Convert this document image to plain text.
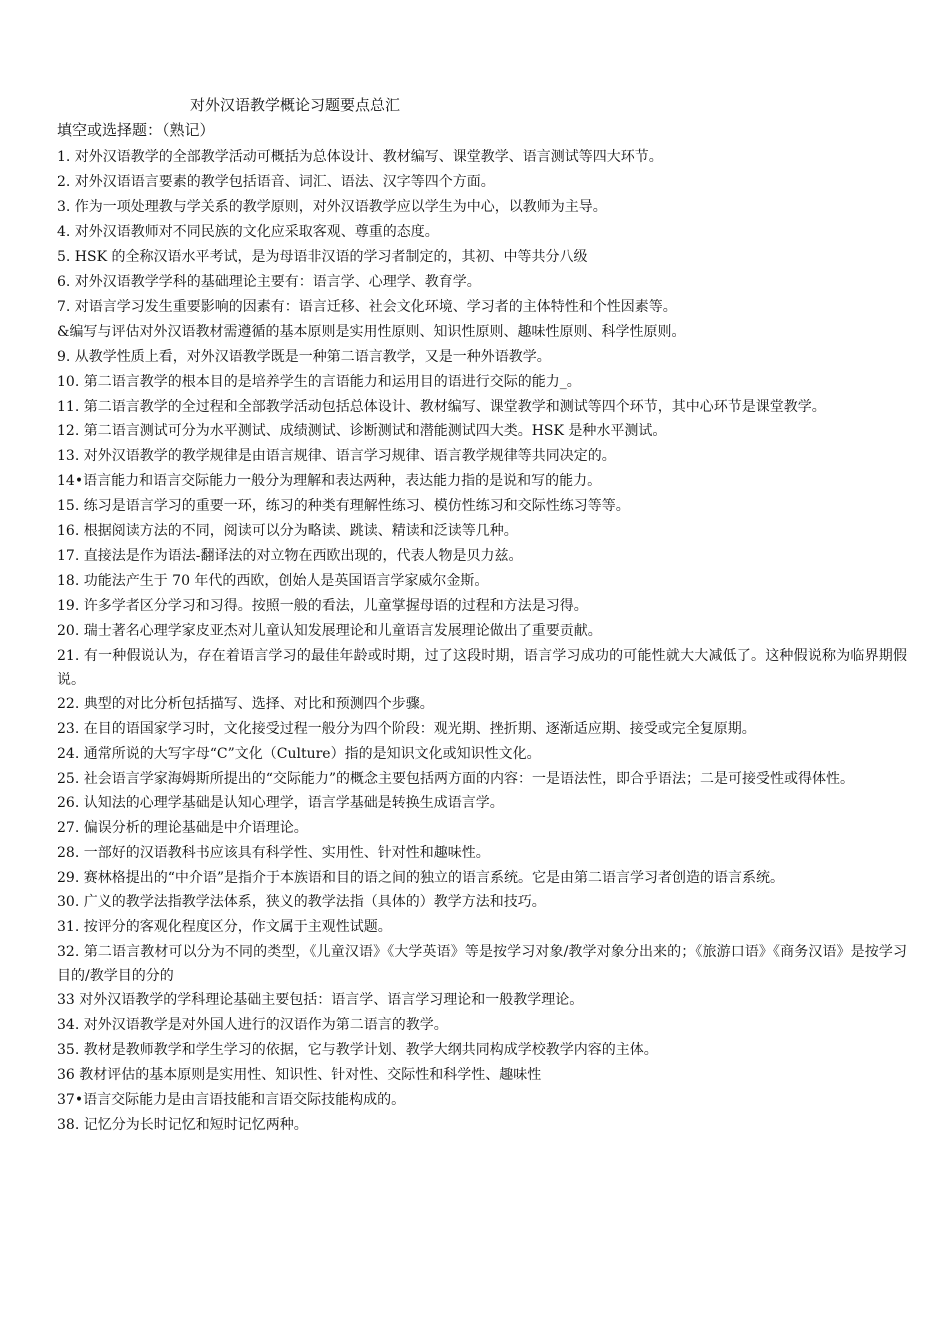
对外汉语教学概论习题要点总汇
填空或选择题：（熟记）
1. 对外汉语教学的全部教学活动可概括为总体设计、教材编写、课堂教学、语言测试等四大环节。
2. 对外汉语语言要素的教学包括语音、词汇、语法、汉字等四个方面。
3. 作为一项处理教与学关系的教学原则，对外汉语教学应以学生为中心，以教师为主导。
4. 对外汉语教师对不同民族的文化应采取客观、尊重的态度。
5. HSK 的全称汉语水平考试，是为母语非汉语的学习者制定的，其初、中等共分八级
6. 对外汉语教学学科的基础理论主要有：语言学、心理学、教育学。
7. 对语言学习发生重要影响的因素有：语言迁移、社会文化环境、学习者的主体特性和个性因素等。
&编写与评估对外汉语教材需遵循的基本原则是实用性原则、知识性原则、趣味性原则、科学性原则。
9. 从教学性质上看，对外汉语教学既是一种第二语言教学，又是一种外语教学。
10. 第二语言教学的根本目的是培养学生的言语能力和运用目的语进行交际的能力_。
11. 第二语言教学的全过程和全部教学活动包括总体设计、教材编写、课堂教学和测试等四个环节，其中心环节是课堂教学。
12. 第二语言测试可分为水平测试、成绩测试、诊断测试和潜能测试四大类。HSK 是种水平测试。
13. 对外汉语教学的教学规律是由语言规律、语言学习规律、语言教学规律等共同决定的。
14•语言能力和语言交际能力一般分为理解和表达两种，表达能力指的是说和写的能力。
15. 练习是语言学习的重要一环，练习的种类有理解性练习、模仿性练习和交际性练习等等。
16. 根据阅读方法的不同，阅读可以分为略读、跳读、精读和泛读等几种。
17. 直接法是作为语法-翻译法的对立物在西欧出现的，代表人物是贝力兹。
18. 功能法产生于 70 年代的西欧，创始人是英国语言学家威尔金斯。
19. 许多学者区分学习和习得。按照一般的看法，儿童掌握母语的过程和方法是习得。
20. 瑞士著名心理学家皮亚杰对儿童认知发展理论和儿童语言发展理论做出了重要贡献。
21. 有一种假说认为，存在着语言学习的最佳年龄或时期，过了这段时期，语言学习成功的可能性就大大减低了。这种假说称为临界期假说。
22. 典型的对比分析包括描写、选择、对比和预测四个步骤。
23. 在目的语国家学习时，文化接受过程一般分为四个阶段：观光期、挫折期、逐渐适应期、接受或完全复原期。
24. 通常所说的大写字母“C”文化（Culture）指的是知识文化或知识性文化。
25. 社会语言学家海姆斯所提出的“交际能力”的概念主要包括两方面的内容：一是语法性，即合乎语法；二是可接受性或得体性。
26. 认知法的心理学基础是认知心理学，语言学基础是转换生成语言学。
27. 偏误分析的理论基础是中介语理论。
28. 一部好的汉语教科书应该具有科学性、实用性、针对性和趣味性。
29. 赛林格提出的“中介语”是指介于本族语和目的语之间的独立的语言系统。它是由第二语言学习者创造的语言系统。
30. 广义的教学法指教学法体系，狭义的教学法指（具体的）教学方法和技巧。
31. 按评分的客观化程度区分，作文属于主观性试题。
32. 第二语言教材可以分为不同的类型，《儿童汉语》《大学英语》等是按学习对象/教学对象分出来的；《旅游口语》《商务汉语》是按学习目的/教学目的分的
33 对外汉语教学的学科理论基础主要包括：语言学、语言学习理论和一般教学理论。
34. 对外汉语教学是对外国人进行的汉语作为第二语言的教学。
35. 教材是教师教学和学生学习的依据，它与教学计划、教学大纲共同构成学校教学内容的主体。
36 教材评估的基本原则是实用性、知识性、针对性、交际性和科学性、趣味性
37•语言交际能力是由言语技能和言语交际技能构成的。
38. 记忆分为长时记忆和短时记忆两种。
